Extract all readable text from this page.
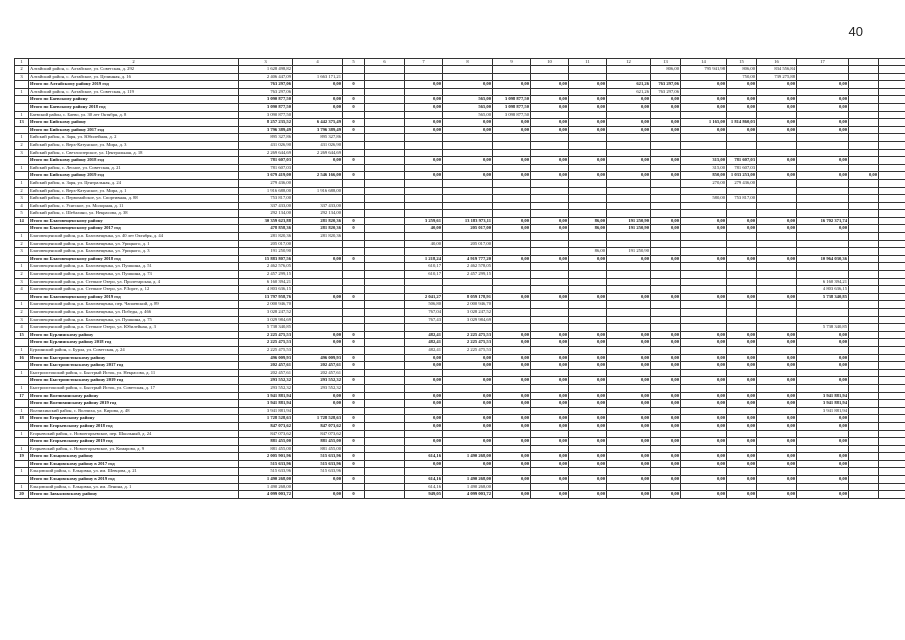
40
1	2	3	4	5	6	7	8	9	10	11	12	13	14	15	16	17		
2	Алтайский район, с. Алтайское, ул. Советская, д. 292	1 628 498,82										806,00	795 941,98	806,00	834 556,84			
3	Алтайский район, с. Алтайское, ул. Целинная, д. 16	2 406 447,09	1 663 171,21											750,00	739 275,88			
	Итого по Алтайскому району 2019 год	763 297,06	0,00	0		0,00	0,00	0,00	0,00	0,00	621,26	763 297,06	0,00	0,00	0,00	0,00		
1	Алтайский район, с. Алтайское, ул. Советская, д. 119	763 297,06									621,26	763 297,06						
	Итого по Баевскому району	3 090 877,50	0,00	0		0,00	565,00	3 098 877,50	0,00	0,00	0,00	0,00	0,00	0,00	0,00	0,00		
	Итого по Баевскому району 2018 год	3 090 877,50	0,00	0		0,00	565,00	3 098 877,50	0,00	0,00	0,00	0,00	0,00	0,00	0,00	0,00		
1	Баевский район, с. Баево, ул. 30 лет Октября, д. 8	3 090 877,50					565,00	3 098 877,50										
13	Итого по Бийскому району	8 257 235,52	6 442 375,49	0		0,00	0,00	0,00	0,00	0,00	0,00	0,00	1 165,00	1 814 860,03	0,00	0,00		
	Итого по Бийскому району 2017 год	3 796 389,49	3 796 389,49	0		0,00	0,00	0,00	0,00	0,00	0,00	0,00	0,00	0,00	0,00	0,00		
1	Бийский район, п. Заря, ул. Юбилейная, д. 2	895 327,86	895 327,86															
2	Бийский район, с. Верх-Катунское, ул. Мира, д. 3	431 026,90	431 026,90															
3	Бийский район, с. Светлоозерское, ул. Центральная, д. 18	2 269 644,69	2 269 644,69															
	Итого по Бийскому району 2018 год	781 607,03	0,00	0		0,00	0,00	0,00	0,00	0,00	0,00	0,00	315,00	781 607,03	0,00	0,00		
1	Бийский район, с. Лесное, ул. Советская, д. 21	781 607,03											315,00	781 607,03				
	Итого по Бийскому району 2019 год	3 679 419,00	2 546 166,00	0		0,00	0,00	0,00	0,00	0,00	0,00	0,00	850,00	1 033 253,00	0,00	0,00	0,00	
1	Бийский район, п. Заря, ул. Центральная, д. 24	279 436,00											270,00	279 436,00				
2	Бийский район, с. Верх-Катунское, ул. Мира, д. 1	1 916 688,00	1 916 688,00															
3	Бийский район, с. Первомайское, ул. Спортивная, д. 88	753 817,00											580,00	753 817,00				
4	Бийский район, с. Усятское, ул. Молорная, д. 11	337 433,00	337 433,00															
5	Бийский район, с. Шебалино, ул. Некрасова, д. 38	292 134,00	292 134,00															
14	Итого по Благовещенскому району	30 359 623,88	281 820,36	0		3 259,61	13 183 973,11	0,00	0,00	86,00	191 250,90	0,00	0,00	0,00	0,00	16 702 371,74		
	Итого по Благовещенскому району 2017 год	478 858,36	281 820,36	0		40,00	205 017,00	0,00	0,00	86,00	191 250,90	0,00	0,00	0,00	0,00	0,00		
1	Благовещенский район, р.п. Благовещенка, ул. 40 лет Октября, д. 44	281 820,36	281 820,36															
2	Благовещенский район, р.п. Благовещенка, ул. Урицкого, д. 1	205 017,00				40,00	205 017,00											
3	Благовещенский район, р.п. Благовещенка, ул. Урицкого, д. 3	191 250,90								86,00	191 250,90							
	Итого по Благовещенскому району 2018 год	15 883 807,56	0,00	0		1 218,24	4 919 777,20	0,00	0,00	0,00	0,00	0,00	0,00	0,00	0,00	10 964 030,36		
1	Благовещенский район, р.п. Благовещенка, ул. Пушкина, д. 51	2 462 576,05				610,17	2 462 578,05											
2	Благовещенский район, р.п. Благовещенка, ул. Пушкина, д. 73	2 457 299,15				610,17	2 457 299,15											
3	Благовещенский район, р.п. Степное Озеро, ул. Пролетарская, д. 4	6 160 394,21														6 160 394,21		
4	Благовещенский район, р.п. Степное Озеро, ул. Р.Зорге, д. 12	4 803 636,15														4 803 636,15		
	Итого по Благовещенскому району 2019 год	13 797 958,76	0,00	0		2 041,27	8 059 178,91	0,00	0,00	0,00	0,00	0,00	0,00	0,00	0,00	5 738 340,85		
1	Благовещенский район, р.п. Благовещенка, пер. Чапаевский, д. 89	2 000 946,70				506,80	2 000 946,70											
2	Благовещенский район, р.п. Благовещенка, ул. Победы, д. 466	3 028 247,52				767,04	3 028 247,52											
3	Благовещенский район, р.п. Благовещенка, ул. Пушкина, д. 75	3 029 984,69				767,43	3 029 984,69											
4	Благовещенский район, р.п. Степное Озеро, ул. Юбилейная, д. 3	5 738 340,85														5 738 340,85		
15	Итого по Бурлинскому району	2 225 475,53	0,00	0		482,41	2 225 475,53	0,00	0,00	0,00	0,00	0,00	0,00	0,00	0,00	0,00		
	Итого по Бурлинскому району 2018 год	2 225 475,53	0,00	0		482,41	2 225 475,53	0,00	0,00	0,00	0,00	0,00	0,00	0,00	0,00	0,00		
1	Бурлинский район, с. Бурла, ул. Советская, д. 24	2 225 475,53				482,41	2 225 475,53											
16	Итого по Быстроистокскому району	496 009,93	496 009,93	0		0,00	0,00	0,00	0,00	0,00	0,00	0,00	0,00	0,00	0,00	0,00		
	Итого по Быстроистокскому району 2017 год	202 457,61	202 457,61	0		0,00	0,00	0,00	0,00	0,00	0,00	0,00	0,00	0,00	0,00	0,00		
1	Быстроистокский район, с. Быстрый Исток, ул. Некрасова, д. 11	202 457,61	202 457,61															
	Итого по Быстроистокскому району 2019 год	293 552,32	293 552,32	0		0,00	0,00	0,00	0,00	0,00	0,00	0,00	0,00	0,00	0,00	0,00		
1	Быстроистокский район, с. Быстрый Исток, ул. Советская, д. 17	293 552,32	293 552,32															
17	Итого по Волчихинскому району	3 941 881,94	0,00	0		0,00	0,00	0,00	0,00	0,00	0,00	0,00	0,00	0,00	0,00	3 941 881,94		
	Итого по Волчихинскому району 2019 год	3 941 881,94	0,00	0		0,00	0,00	0,00	0,00	0,00	0,00	0,00	0,00	0,00	0,00	3 941 881,94		
1	Волчихинский район, с. Волчиха, ул. Кирова, д. 48	3 941 881,94														3 941 881,94		
18	Итого по Егорьевскому району	1 728 528,63	1 728 528,63	0		0,00	0,00	0,00	0,00	0,00	0,00	0,00	0,00	0,00	0,00	0,00		
	Итого по Егорьевскому району 2018 год	847 073,62	847 073,62	0		0,00	0,00	0,00	0,00	0,00	0,00	0,00	0,00	0,00	0,00	0,00		
1	Егорьевский район, с. Новоегорьевское, пер. Школьный, д. 24	847 073,62	847 073,62															
	Итого по Егорьевскому району 2019 год	881 455,00	881 455,00	0		0,00	0,00	0,00	0,00	0,00	0,00	0,00	0,00	0,00	0,00	0,00		
1	Егорьевский район, с. Новоегорьевское, ул. Комарова, д. 9	881 455,00	881 455,00															
19	Итого по Ельцовскому району	2 005 901,96	515 633,96	0		614,16	1 490 268,00	0,00	0,00	0,00	0,00	0,00	0,00	0,00	0,00	0,00		
	Итого по Ельцовскому району в 2017 год	515 633,96	515 633,96	0		0,00	0,00	0,00	0,00	0,00	0,00	0,00	0,00	0,00	0,00	0,00		
1	Ельцовский район, с. Ельцовка, ул. им. Шевцова, д. 21	515 633,96	515 633,96															
	Итого по Ельцовскому району в 2019 год	1 490 268,00	0,00	0		614,16	1 490 268,00	0,00	0,00	0,00	0,00	0,00	0,00	0,00	0,00	0,00		
1	Ельцовский район, с. Ельцовка, ул. им. Ленина, д. 1	1 490 268,00				614,16	1 490 268,00											
20	Итого по Завьяловскому району	4 099 003,72	0,00	0		949,05	4 099 003,72	0,00	0,00	0,00	0,00	0,00	0,00	0,00	0,00	0,00		
